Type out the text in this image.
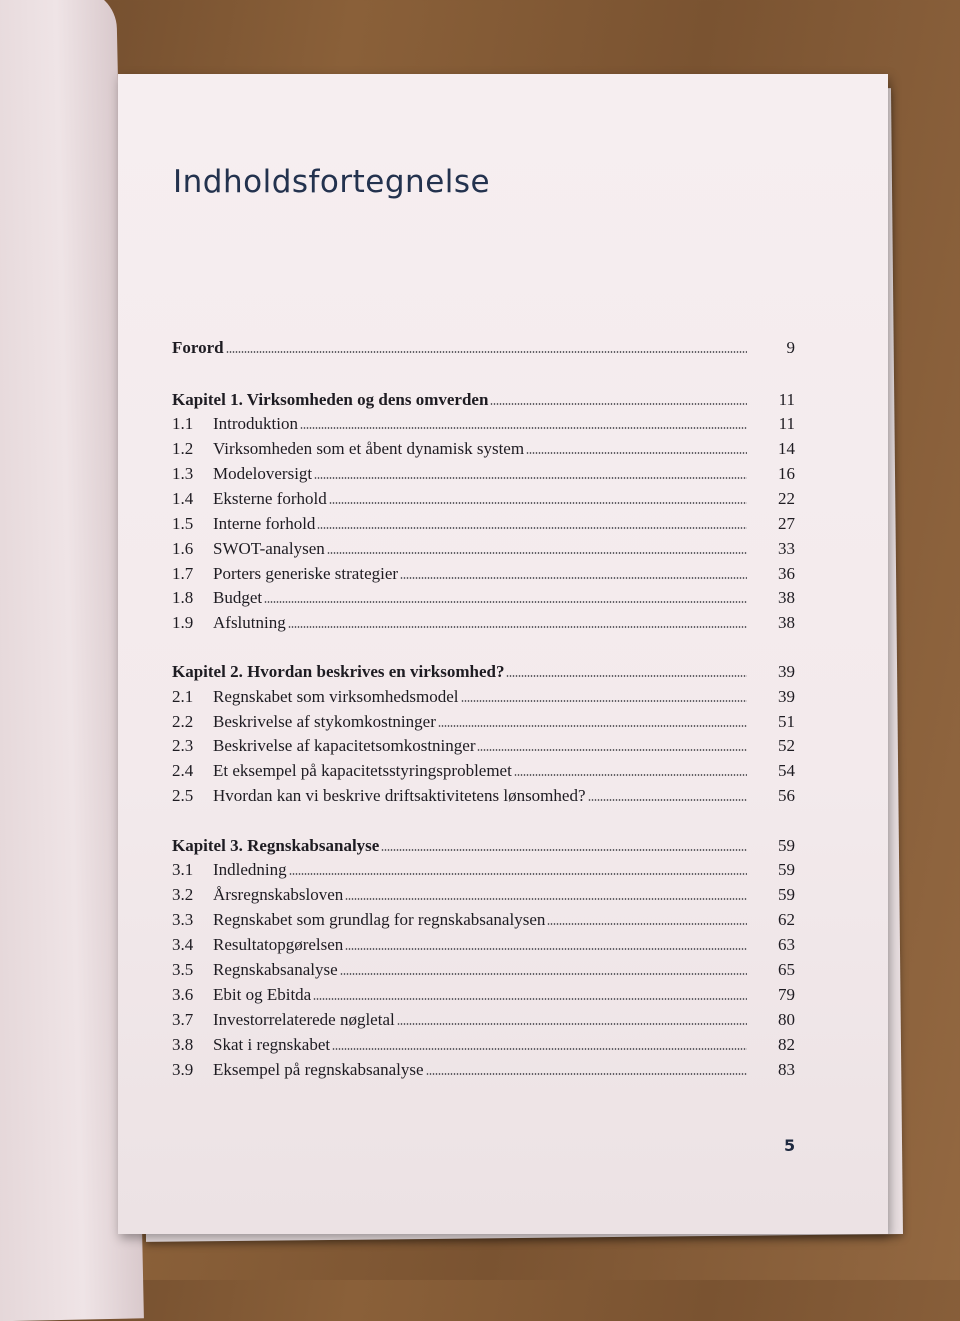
Indholdsfortegnelse
Forord	9
Kapitel 1. Virksomheden og dens omverden	11
1.1	Introduktion	11
1.2	Virksomheden som et åbent dynamisk system	14
1.3	Modeloversigt	16
1.4	Eksterne forhold	22
1.5	Interne forhold	27
1.6	SWOT-analysen	33
1.7	Porters generiske strategier	36
1.8	Budget	38
1.9	Afslutning	38
Kapitel 2. Hvordan beskrives en virksomhed?	39
2.1	Regnskabet som virksomhedsmodel	39
2.2	Beskrivelse af stykomkostninger	51
2.3	Beskrivelse af kapacitetsomkostninger	52
2.4	Et eksempel på kapacitetsstyringsproblemet	54
2.5	Hvordan kan vi beskrive driftsaktivitetens lønsomhed?	56
Kapitel 3. Regnskabsanalyse	59
3.1	Indledning	59
3.2	Årsregnskabsloven	59
3.3	Regnskabet som grundlag for regnskabsanalysen	62
3.4	Resultatopgørelsen	63
3.5	Regnskabsanalyse	65
3.6	Ebit og Ebitda	79
3.7	Investorrelaterede nøgletal	80
3.8	Skat i regnskabet	82
3.9	Eksempel på regnskabsanalyse	83
5
